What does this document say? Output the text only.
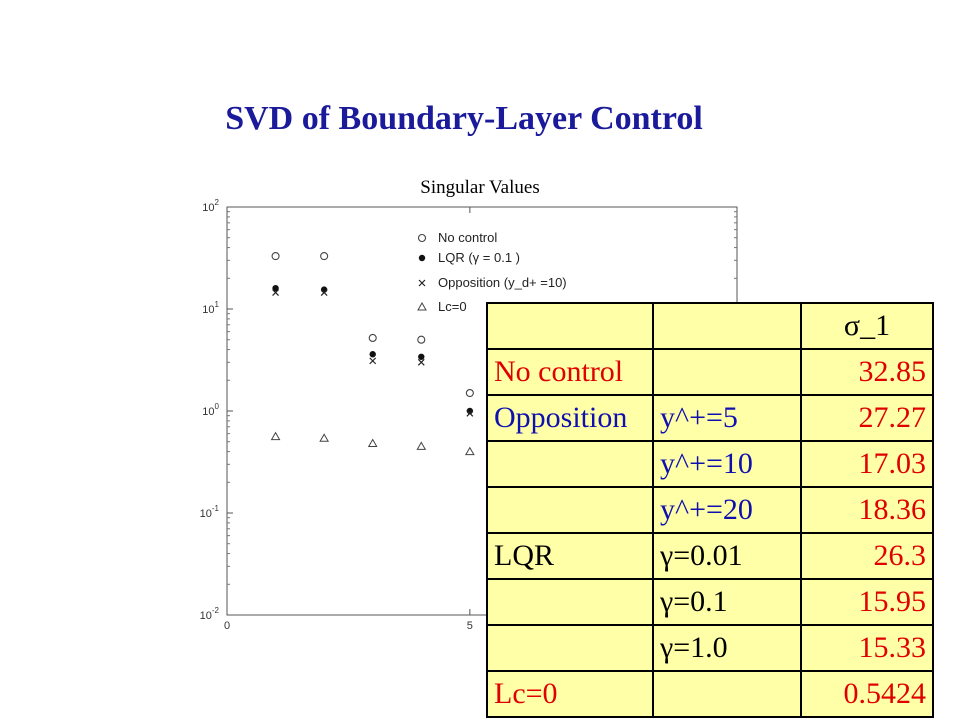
SVD of Boundary-Layer Control
Singular Values
$10^{-2}$
$10^{-1}$
$10^0$
$10^1$
$10^2$
0	5
No control
LQR (γ = 0.1 )
Opposition (y_d+ =10)
Lc=0
		σ_1
No control		32.85
Opposition	y^+=5	27.27
	y^+=10	17.03
	y^+=20	18.36
LQR	γ=0.01	26.3
	γ=0.1	15.95
	γ=1.0	15.33
Lc=0		0.5424
